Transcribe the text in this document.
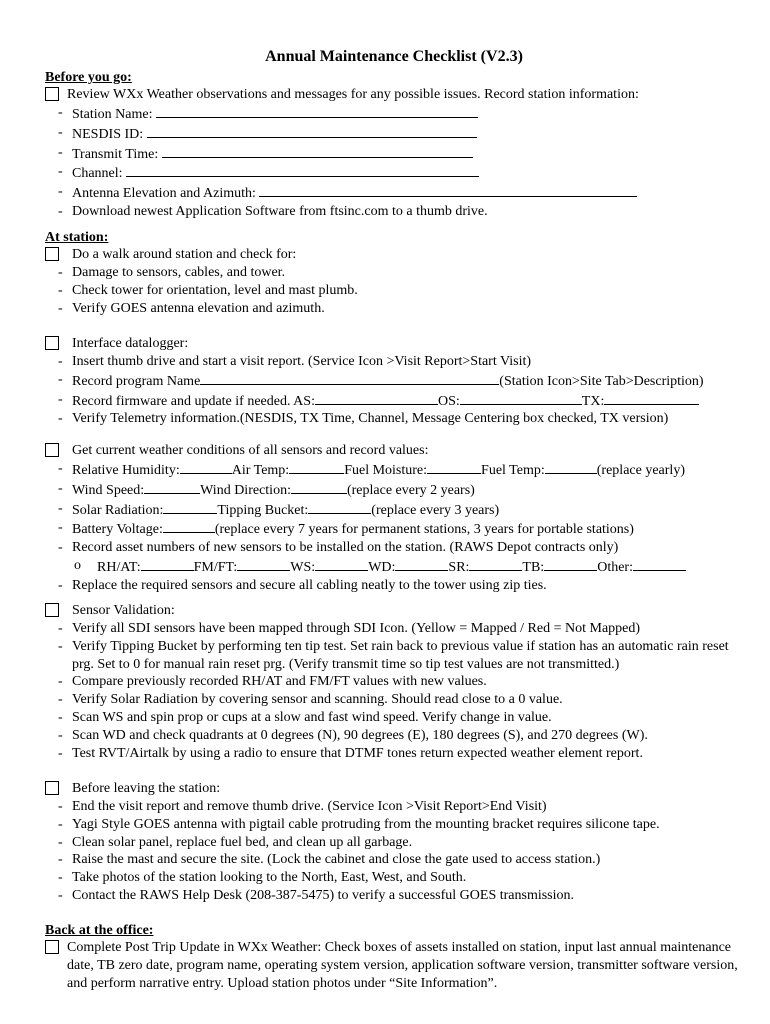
Annual Maintenance Checklist (V2.3)
Before you go:
Review WXx Weather observations and messages for any possible issues. Record station information:
- Station Name:
- NESDIS ID:
- Transmit Time:
- Channel:
- Antenna Elevation and Azimuth:
- Download newest Application Software from ftsinc.com to a thumb drive.
At station:
Do a walk around station and check for:
- Damage to sensors, cables, and tower.
- Check tower for orientation, level and mast plumb.
- Verify GOES antenna elevation and azimuth.
Interface datalogger:
- Insert thumb drive and start a visit report. (Service Icon >Visit Report>Start Visit)
- Record program Name	(Station Icon>Site Tab>Description)
- Record firmware and update if needed. AS:	OS:	TX:
- Verify Telemetry information.(NESDIS, TX Time, Channel, Message Centering box checked, TX version)
Get current weather conditions of all sensors and record values:
- Relative Humidity:	Air Temp:	Fuel Moisture:	Fuel Temp:	(replace yearly)
- Wind Speed:	Wind Direction:	(replace every 2 years)
- Solar Radiation:	Tipping Bucket:	(replace every 3 years)
- Battery Voltage:	(replace every 7 years for permanent stations, 3 years for portable stations)
- Record asset numbers of new sensors to be installed on the station. (RAWS Depot contracts only)
o RH/AT:	FM/FT:	WS:	WD:	SR:	TB:	Other:
- Replace the required sensors and secure all cabling neatly to the tower using zip ties.
Sensor Validation:
- Verify all SDI sensors have been mapped through SDI Icon. (Yellow = Mapped / Red = Not Mapped)
- Verify Tipping Bucket by performing ten tip test. Set rain back to previous value if station has an automatic rain reset prg. Set to 0 for manual rain reset prg. (Verify transmit time so tip test values are not transmitted.)
- Compare previously recorded RH/AT and FM/FT values with new values.
- Verify Solar Radiation by covering sensor and scanning. Should read close to a 0 value.
- Scan WS and spin prop or cups at a slow and fast wind speed. Verify change in value.
- Scan WD and check quadrants at 0 degrees (N), 90 degrees (E), 180 degrees (S), and 270 degrees (W).
- Test RVT/Airtalk by using a radio to ensure that DTMF tones return expected weather element report.
Before leaving the station:
- End the visit report and remove thumb drive. (Service Icon >Visit Report>End Visit)
- Yagi Style GOES antenna with pigtail cable protruding from the mounting bracket requires silicone tape.
- Clean solar panel, replace fuel bed, and clean up all garbage.
- Raise the mast and secure the site. (Lock the cabinet and close the gate used to access station.)
- Take photos of the station looking to the North, East, West, and South.
- Contact the RAWS Help Desk (208-387-5475) to verify a successful GOES transmission.
Back at the office:
Complete Post Trip Update in WXx Weather: Check boxes of assets installed on station, input last annual maintenance date, TB zero date, program name, operating system version, application software version, transmitter software version, and perform narrative entry. Upload station photos under “Site Information”.
